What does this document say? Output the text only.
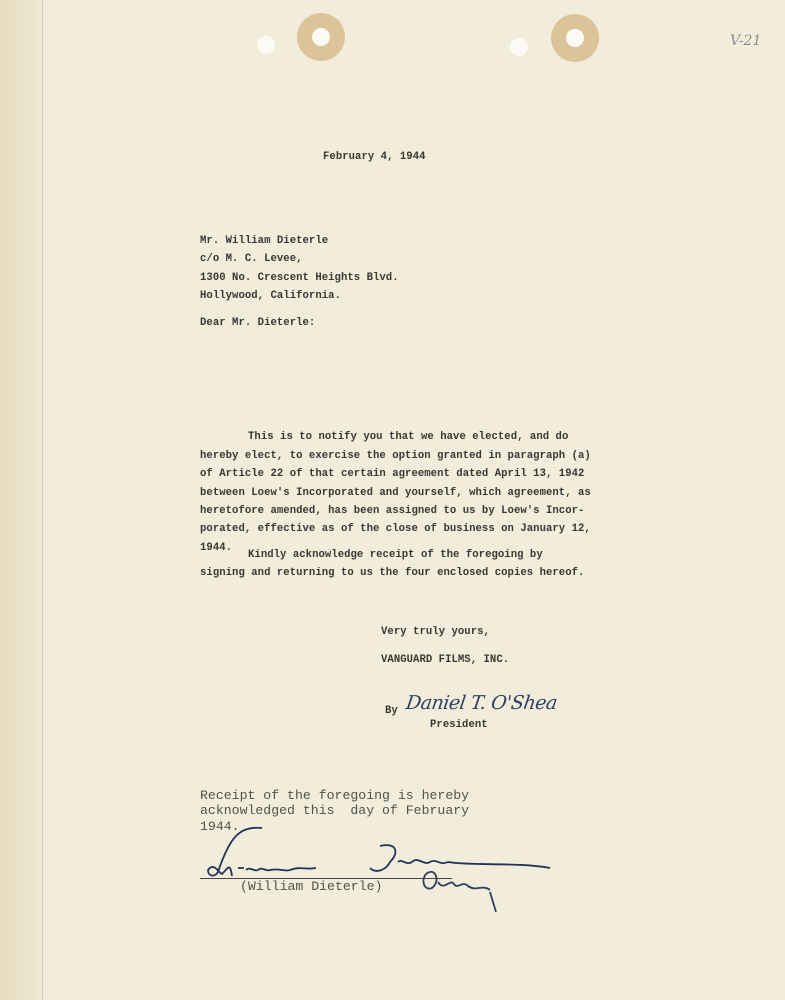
V-21
February 4, 1944
Mr. William Dieterle
c/o M. C. Levee,
1300 No. Crescent Heights Blvd.
Hollywood, California.
Dear Mr. Dieterle:
This is to notify you that we have elected, and do
hereby elect, to exercise the option granted in paragraph (a)
of Article 22 of that certain agreement dated April 13, 1942
between Loew's Incorporated and yourself, which agreement, as
heretofore amended, has been assigned to us by Loew's Incor-
porated, effective as of the close of business on January 12,
1944.
Kindly acknowledge receipt of the foregoing by
signing and returning to us the four enclosed copies hereof.
Very truly yours,
VANGUARD FILMS, INC.
By Daniel T. O'Shea
President
Receipt of the foregoing is hereby
acknowledged this  day of February
1944.
(William Dieterle)
